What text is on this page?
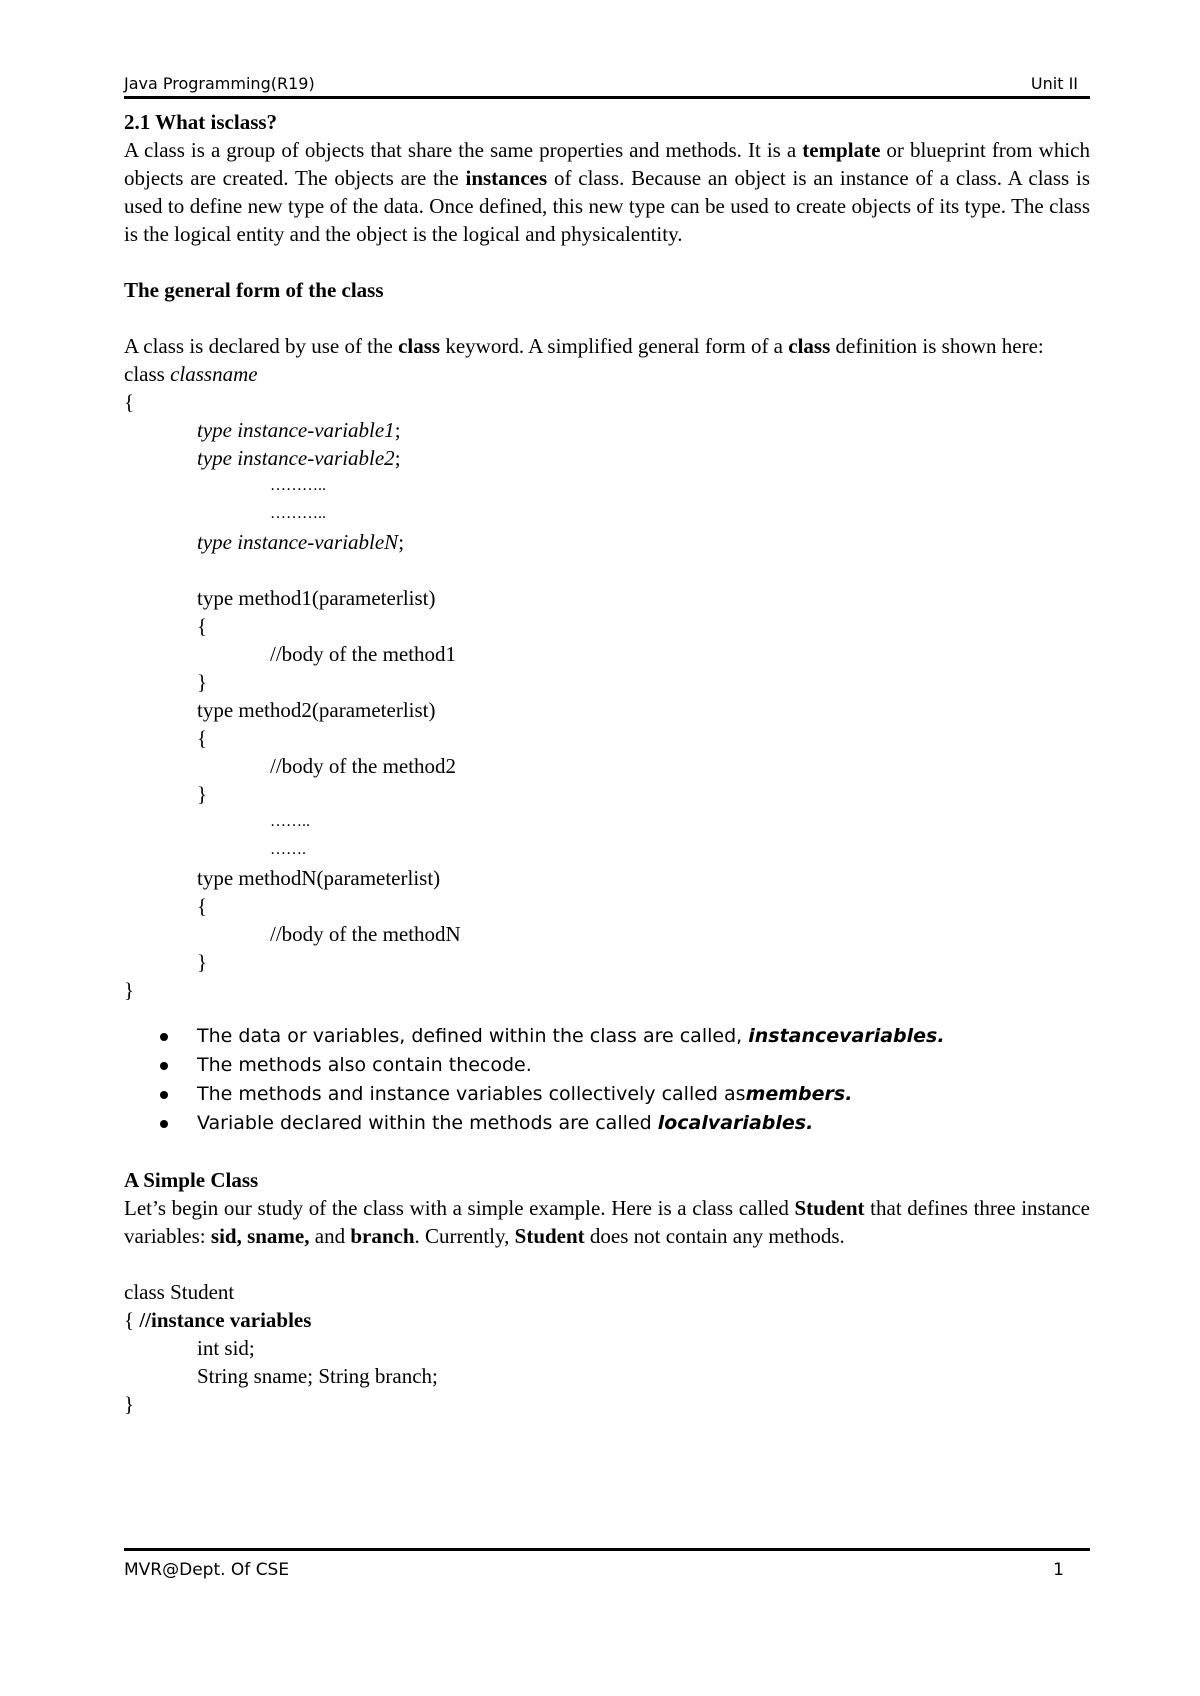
Java Programming(R19)	Unit II

2.1 What isclass?

A class is a group of objects that share the same properties and methods. It is a template or blueprint from which objects are created. The objects are the instances of class. Because an object is an instance of a class. A class is used to define new type of the data. Once defined, this new type can be used to create objects of its type. The class is the logical entity and the object is the logical and physicalentity.

The general form of the class

A class is declared by use of the class keyword. A simplified general form of a class definition is shown here:

class classname

{

type instance-variable1;

type instance-variable2;

………..

………..

type instance-variableN;

type method1(parameterlist)

{

//body of the method1

}

type method2(parameterlist)

{

//body of the method2

}

……..

…….

type methodN(parameterlist)

{

//body of the methodN

}

}

The data or variables, defined within the class are called, instancevariables.
The methods also contain thecode.
The methods and instance variables collectively called asmembers.
Variable declared within the methods are called localvariables.

A Simple Class

Let’s begin our study of the class with a simple example. Here is a class called Student that defines three instance variables: sid, sname, and branch. Currently, Student does not contain any methods.

class Student

{ //instance variables

int sid;

String sname; String branch;

}

MVR@Dept. Of CSE	1
